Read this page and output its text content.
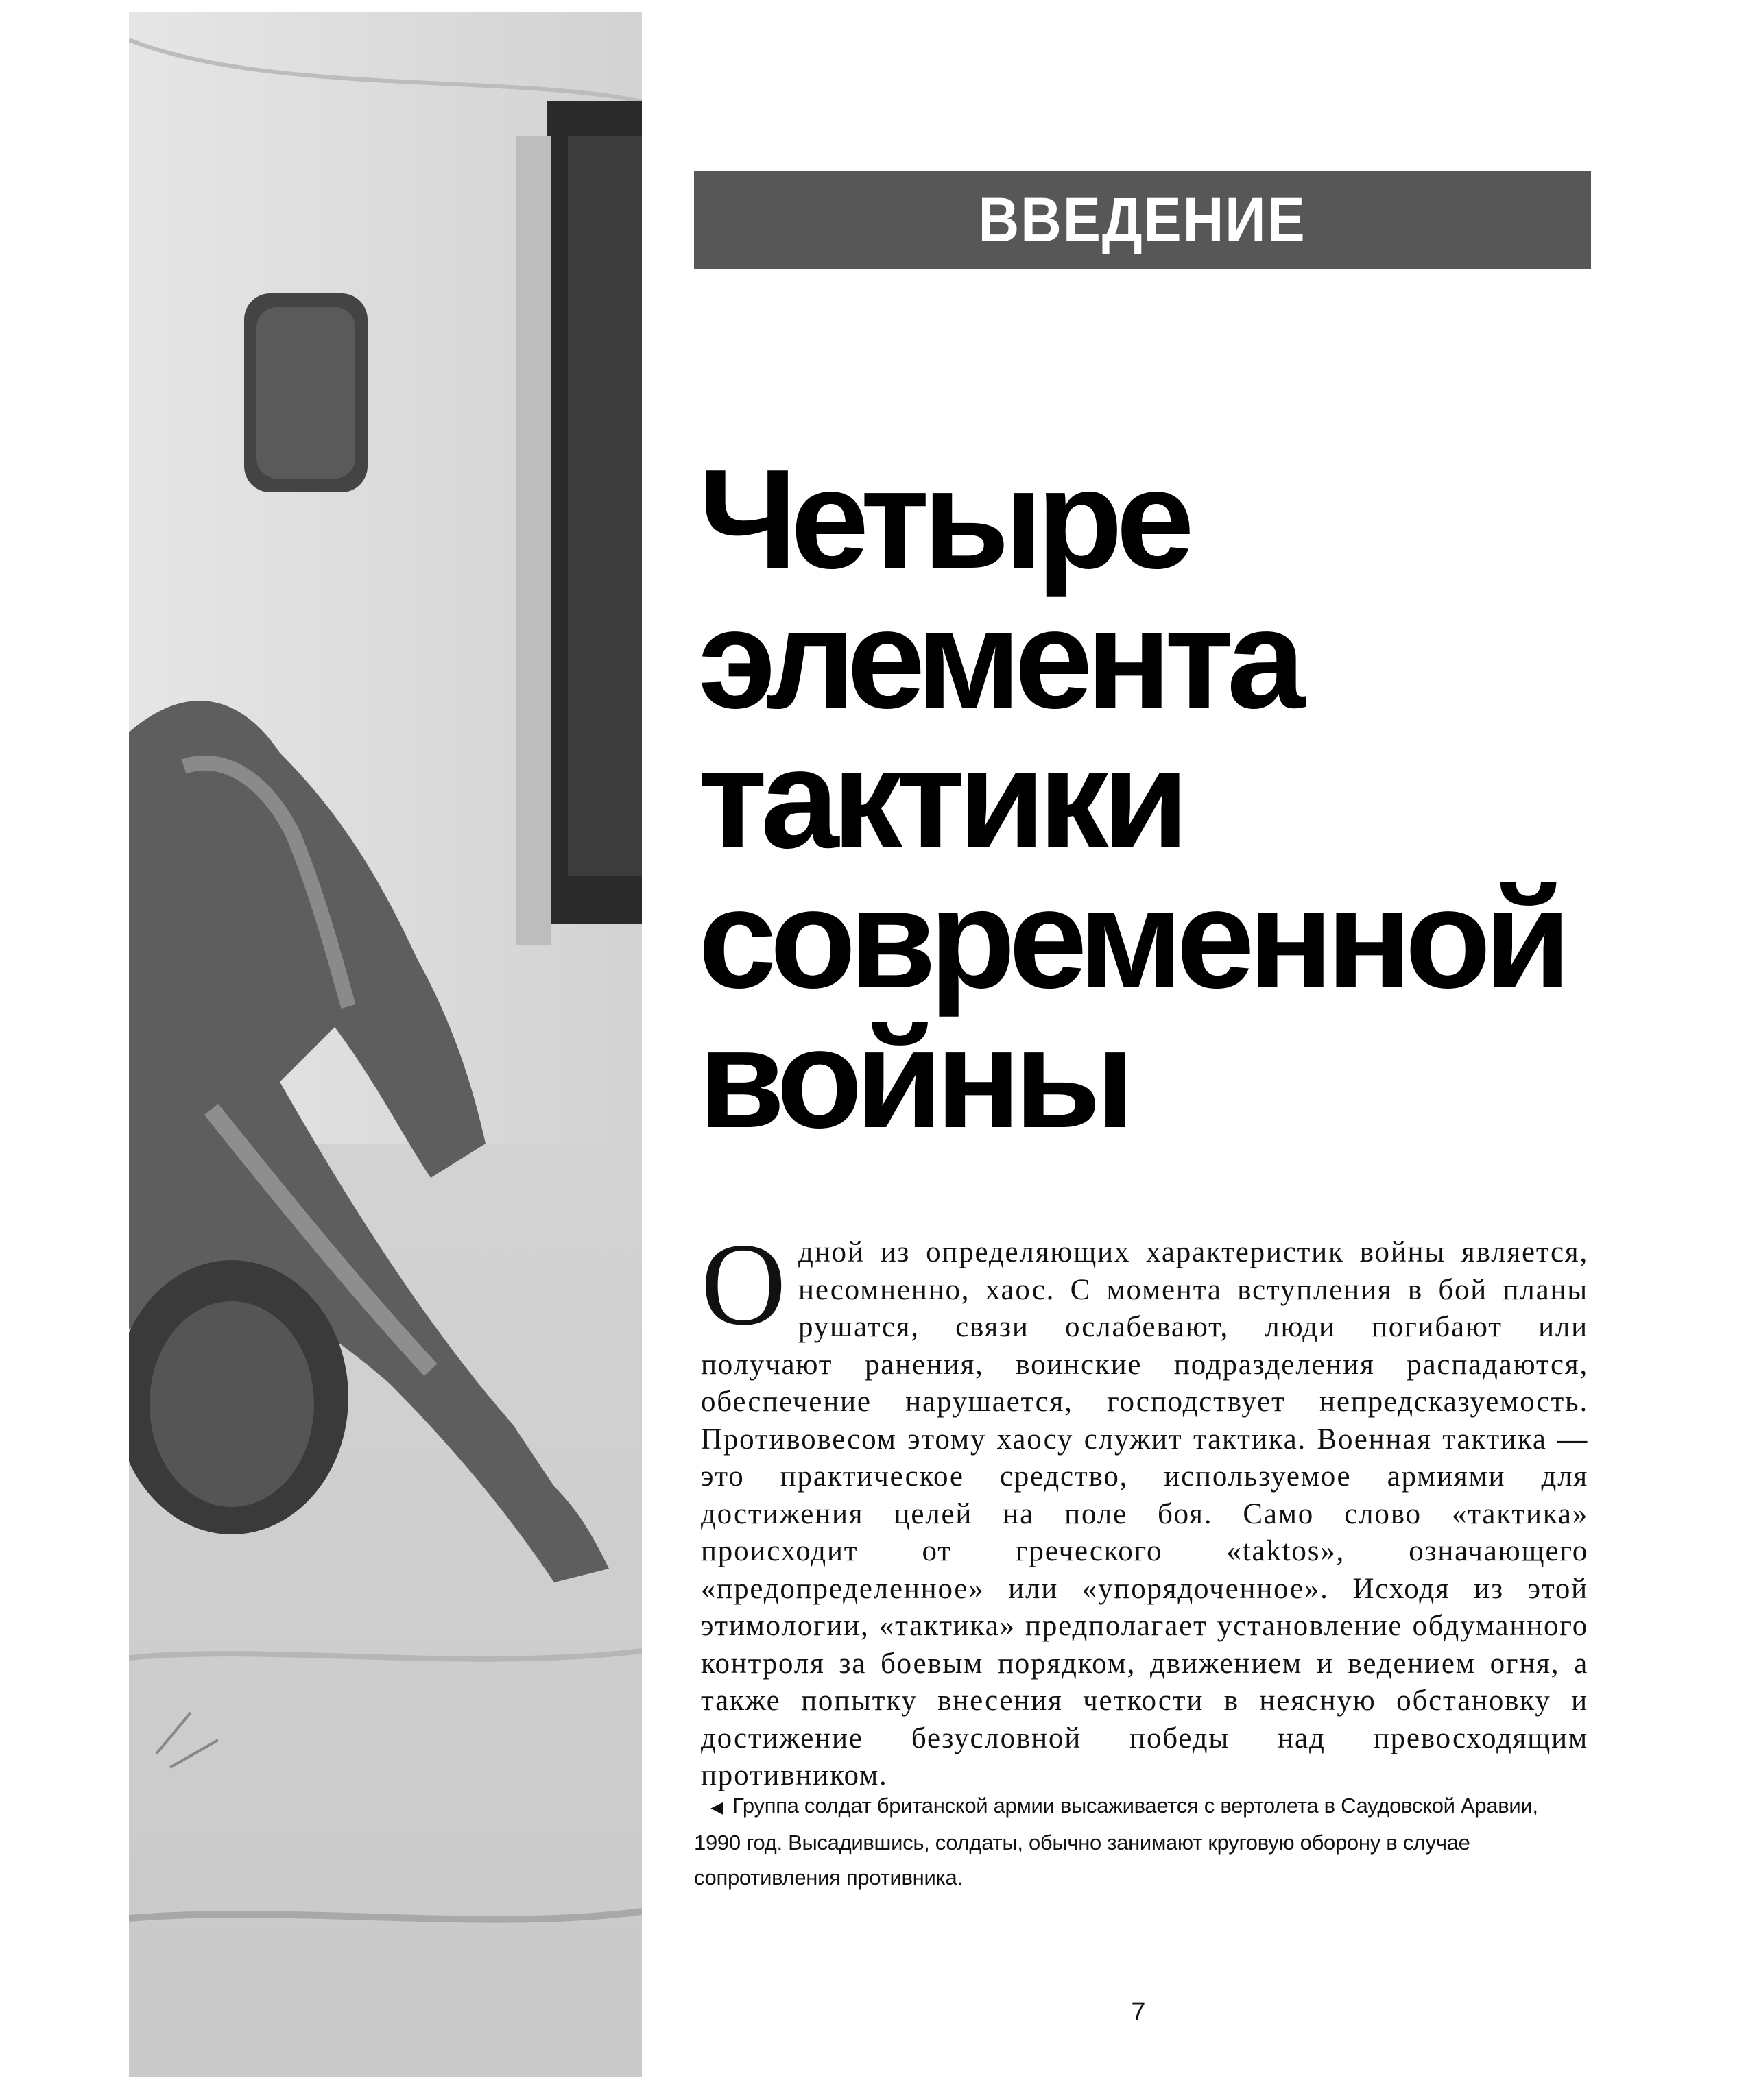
ВВЕДЕНИЕ
Четыре
элемента
тактики
современной
войны

Одной из определяющих характеристик войны является, несомненно, хаос. С момента вступления в бой планы рушатся, связи ослабевают, люди погибают или получают ранения, воинские подразделения распадаются, обеспечение нарушается, господствует непредсказуемость. Противовесом этому хаосу служит тактика. Военная тактика — это практическое средство, используемое армиями для достижения целей на поле боя. Само слово «тактика» происходит от греческого «taktos», означающего «предопределенное» или «упорядоченное». Исходя из этой этимологии, «тактика» предполагает установление обдуманного контроля за боевым порядком, движением и ведением огня, а также попытку внесения четкости в неясную обстановку и достижение безусловной победы над превосходящим противником.

◀ Группа солдат британской армии высаживается с вертолета в Саудовской Аравии, 1990 год. Высадившись, солдаты, обычно занимают круговую оборону в случае сопротивления противника.

7
